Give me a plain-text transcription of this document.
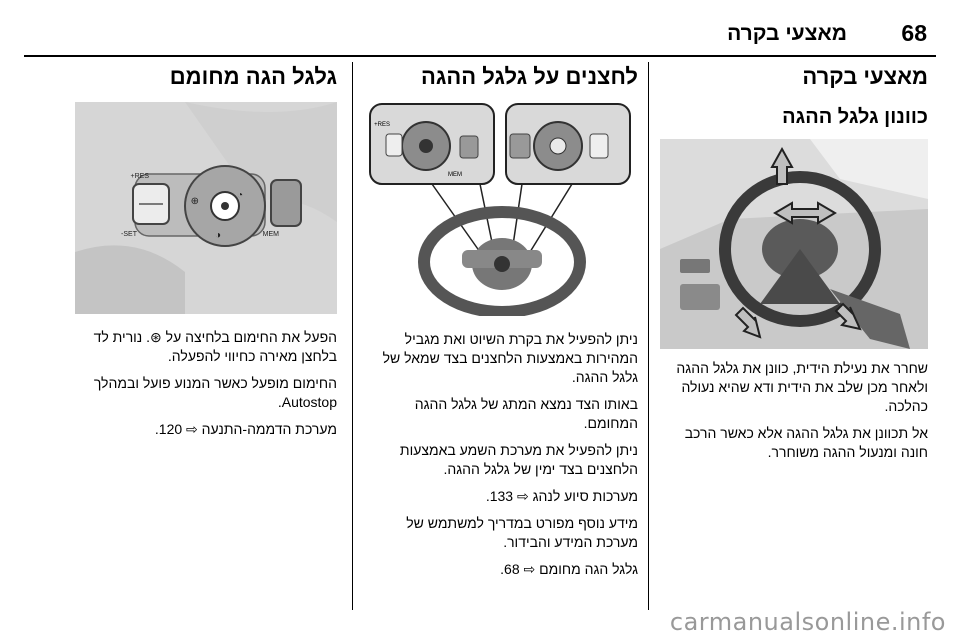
מאצעי בקרה 68
מאצעי בקרה
כוונון גלגל ההגה

שחרר את נעילת הידית, כוונן את גלגל ההגה ולאחר מכן שלב את הידית ודא שהיא נעולה כהלכה.

אל תכוונן את גלגל ההגה אלא כאשר הרכב חונה ומנעול ההגה משוחרר.

לחצנים על גלגל ההגה
RES+
MEM

ניתן להפעיל את בקרת השיוט ואת מגביל המהירות באמצעות הלחצנים בצד שמאל של גלגל ההגה.

באותו הצד נמצא המתג של גלגל ההגה המחומם.

ניתן להפעיל את מערכת השמע באמצעות הלחצנים בצד ימין של גלגל ההגה.

מערכות סיוע לנהג ⇨ 133.

מידע נוסף מפורט במדריך למשתמש של מערכת המידע והבידור.

גלגל הגה מחומם ⇨ 68.

גלגל הגה מחומם
⊕
◔
◑
RES+
SET-	MEM

הפעל את החימום בלחיצה על ⊛. נורית לד בלחצן מאירה כחיווי להפעלה.

החימום מופעל כאשר המנוע פועל ובמהלך Autostop.

מערכת הדממה-התנעה ⇨ 120.

carmanualsonline.info
